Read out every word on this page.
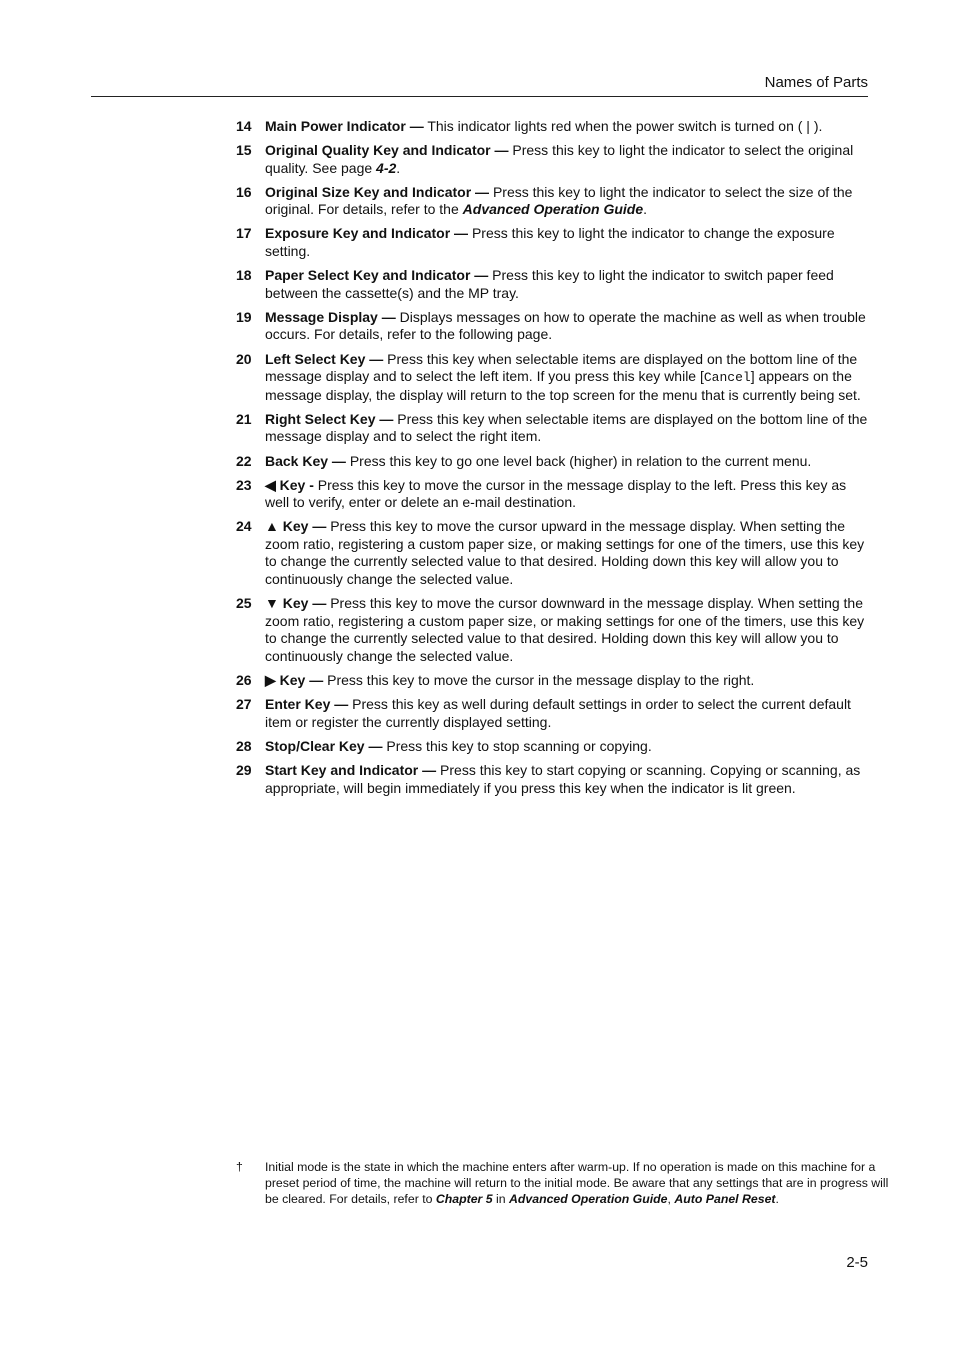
Names of Parts
14 Main Power Indicator — This indicator lights red when the power switch is turned on ( | ).
15 Original Quality Key and Indicator — Press this key to light the indicator to select the original quality. See page 4-2.
16 Original Size Key and Indicator — Press this key to light the indicator to select the size of the original. For details, refer to the Advanced Operation Guide.
17 Exposure Key and Indicator — Press this key to light the indicator to change the exposure setting.
18 Paper Select Key and Indicator — Press this key to light the indicator to switch paper feed between the cassette(s) and the MP tray.
19 Message Display — Displays messages on how to operate the machine as well as when trouble occurs. For details, refer to the following page.
20 Left Select Key — Press this key when selectable items are displayed on the bottom line of the message display and to select the left item. If you press this key while [Cancel] appears on the message display, the display will return to the top screen for the menu that is currently being set.
21 Right Select Key — Press this key when selectable items are displayed on the bottom line of the message display and to select the right item.
22 Back Key — Press this key to go one level back (higher) in relation to the current menu.
23 ◀ Key - Press this key to move the cursor in the message display to the left. Press this key as well to verify, enter or delete an e-mail destination.
24 ▲ Key — Press this key to move the cursor upward in the message display. When setting the zoom ratio, registering a custom paper size, or making settings for one of the timers, use this key to change the currently selected value to that desired. Holding down this key will allow you to continuously change the selected value.
25 ▼ Key — Press this key to move the cursor downward in the message display. When setting the zoom ratio, registering a custom paper size, or making settings for one of the timers, use this key to change the currently selected value to that desired. Holding down this key will allow you to continuously change the selected value.
26 ▶ Key — Press this key to move the cursor in the message display to the right.
27 Enter Key — Press this key as well during default settings in order to select the current default item or register the currently displayed setting.
28 Stop/Clear Key — Press this key to stop scanning or copying.
29 Start Key and Indicator — Press this key to start copying or scanning. Copying or scanning, as appropriate, will begin immediately if you press this key when the indicator is lit green.
† Initial mode is the state in which the machine enters after warm-up. If no operation is made on this machine for a preset period of time, the machine will return to the initial mode. Be aware that any settings that are in progress will be cleared. For details, refer to Chapter 5 in Advanced Operation Guide, Auto Panel Reset.
2-5
